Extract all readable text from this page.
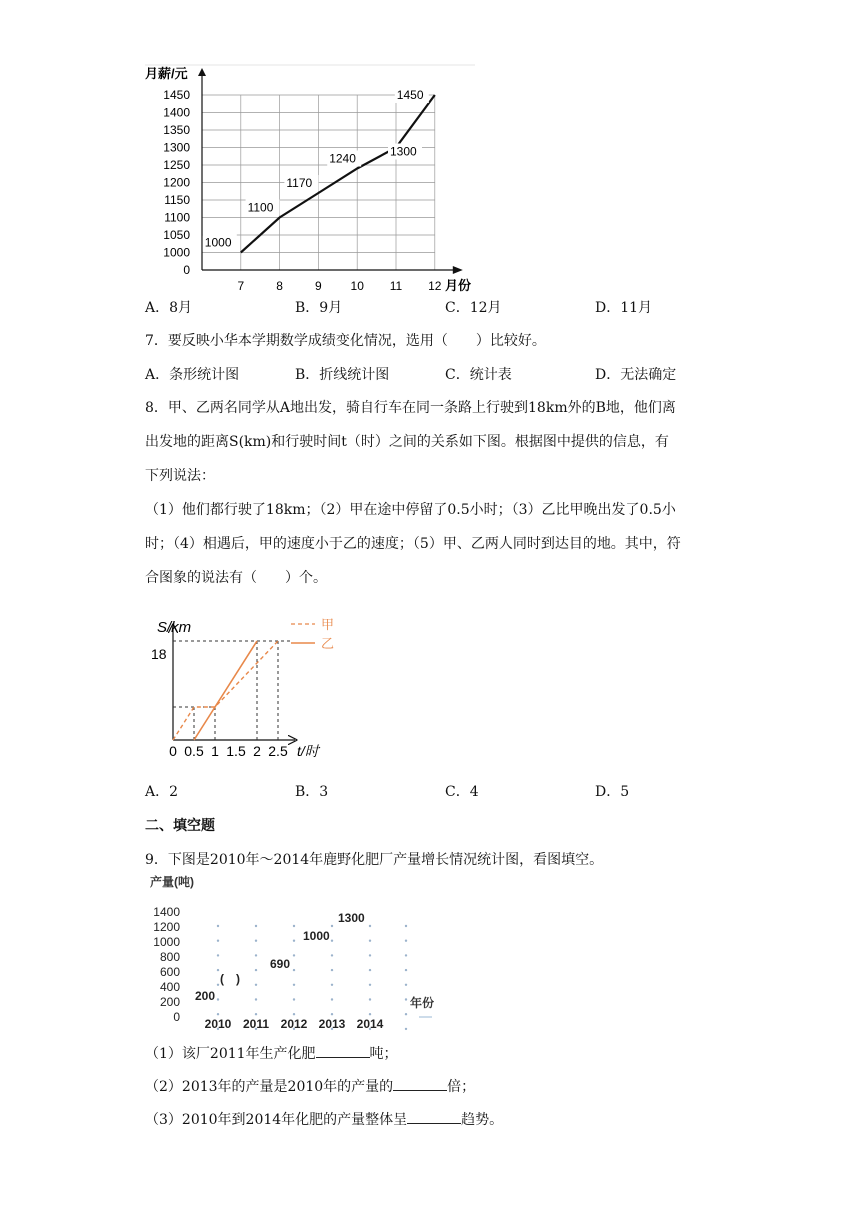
1450
1400
1350
1300
1250
1200
1150
1100
1050
1000
0
7	8	9 10 11 12
1000
1100
1170
1240	1300
1450
月薪/元
月份
A．8月	B．9月	C．12月	D．11月
7．要反映小华本学期数学成绩变化情况，选用（　　）比较好。
A．条形统计图	B．折线统计图	C．统计表	D．无法确定
8．甲、乙两名同学从A地出发，骑自行车在同一条路上行驶到18km外的B地，他们离
出发地的距离S(km)和行驶时间t（时）之间的关系如下图。根据图中提供的信息，有
下列说法：
（1）他们都行驶了18km；（2）甲在途中停留了0.5小时；（3）乙比甲晚出发了0.5小
时；（4）相遇后，甲的速度小于乙的速度；（5）甲、乙两人同时到达目的地。其中，符
合图象的说法有（　　）个。
0 0.5 1 1.5 2 2.5
18
S/km
t/时
甲
乙
A．2	B．3	C．4	D．5
二、填空题
9．下图是2010年～2014年鹿野化肥厂产量增长情况统计图，看图填空。
产量(吨)
1400
1200
1000
800
600
400
200
0 2010 2011 2012 2013 2014
200
(　)
690
1000
1300
年份
（1）该厂2011年生产化肥	吨；
（2）2013年的产量是2010年的产量的	倍；
（3）2010年到2014年化肥的产量整体呈	趋势。
